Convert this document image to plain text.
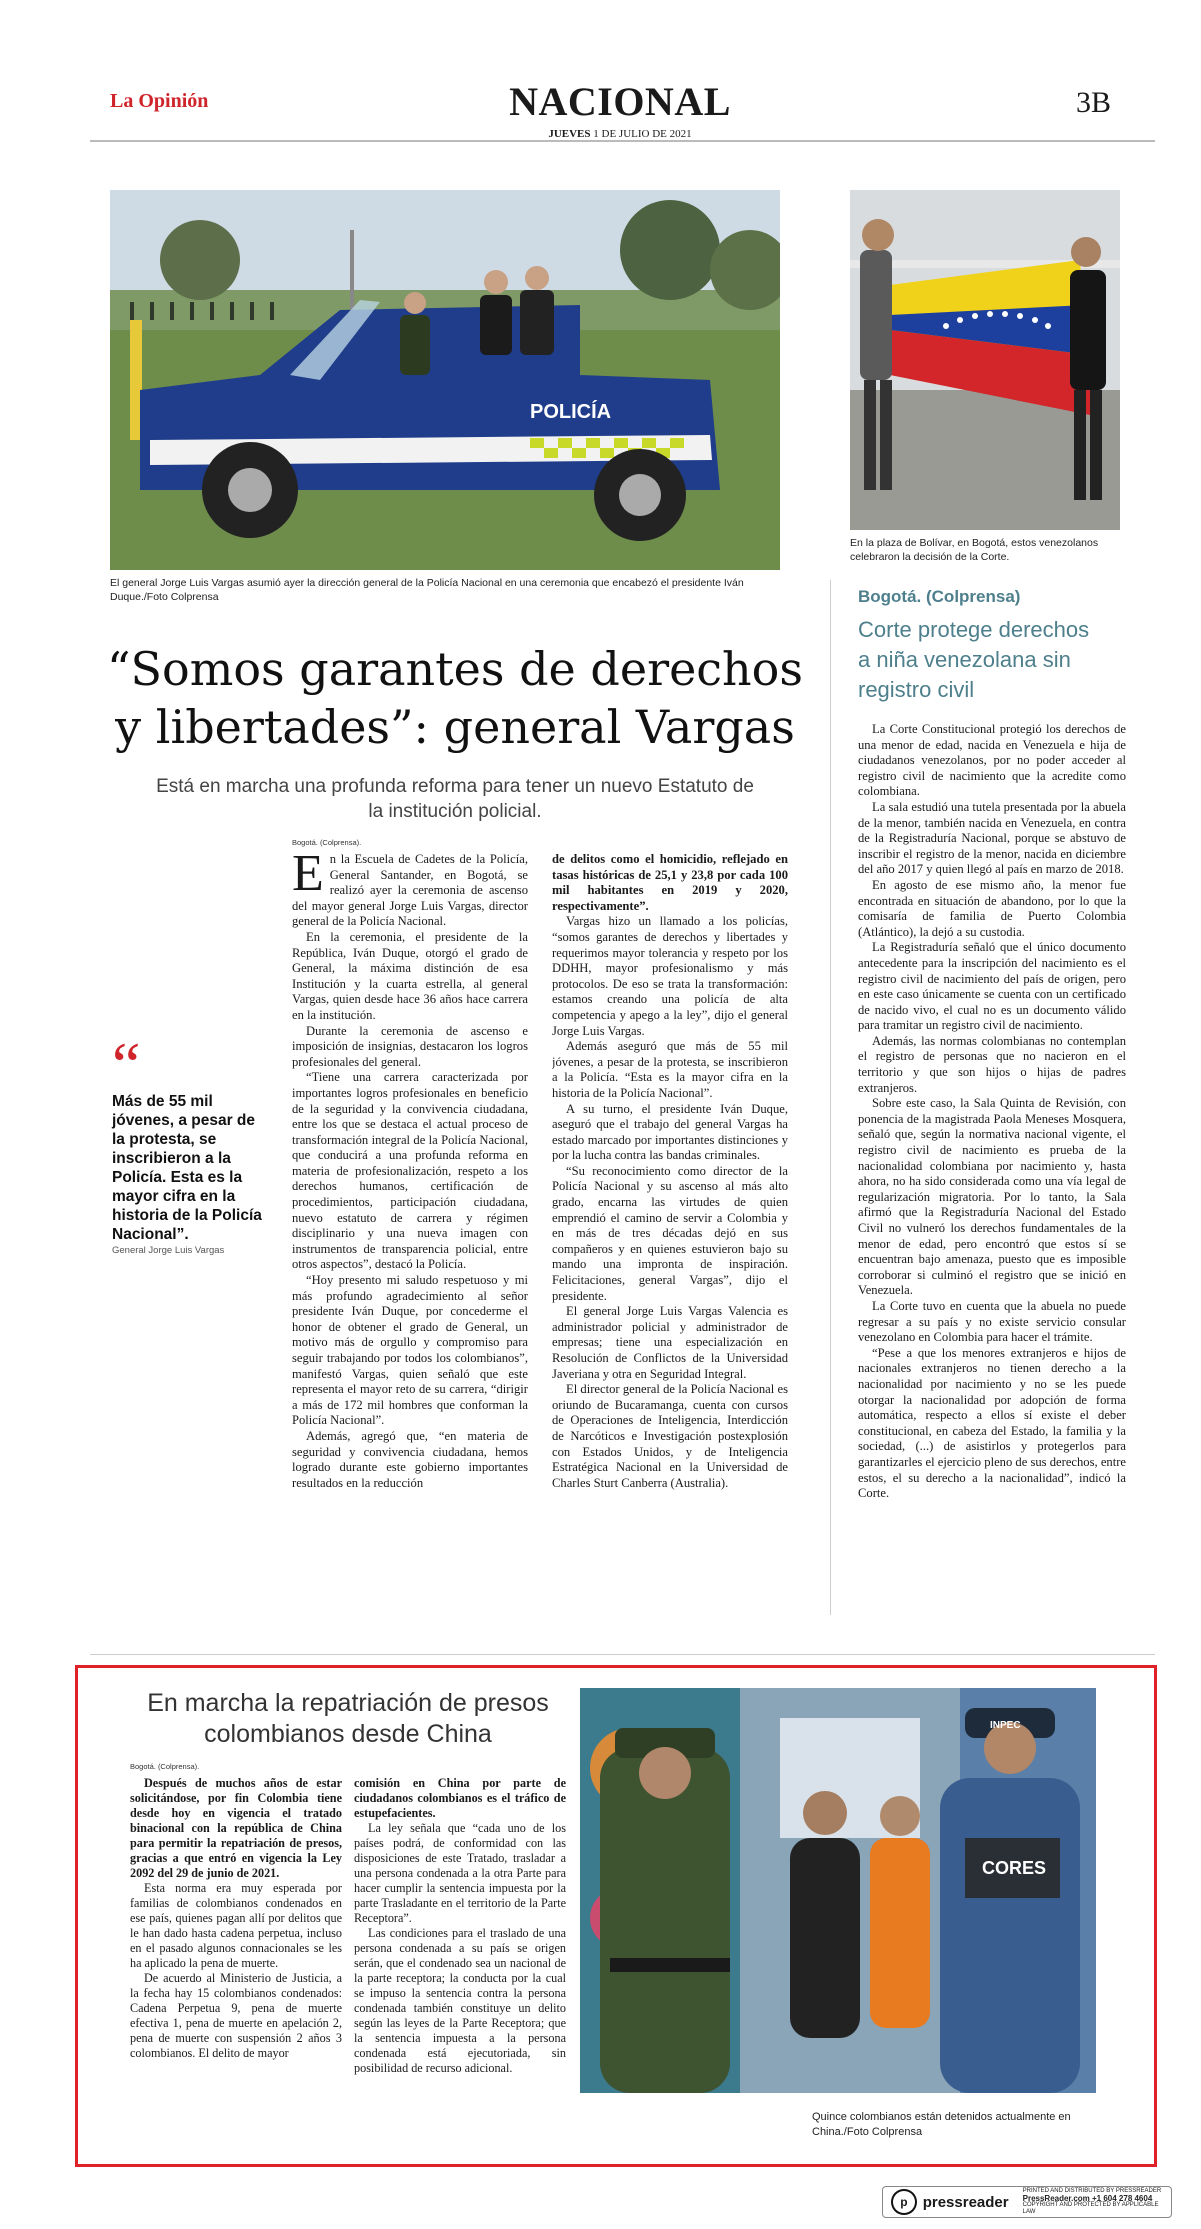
La Opinión	NACIONAL	3B
JUEVES 1 DE JULIO DE 2021
POLICÍA
El general Jorge Luis Vargas asumió ayer la dirección general de la Policía Nacional en una ceremonia que encabezó el presidente Iván Duque./Foto Colprensa
En la plaza de Bolívar, en Bogotá, estos venezolanos celebraron la decisión de la Corte.
“Somos garantes de derechos y libertades”: general Vargas
Está en marcha una profunda reforma para tener un nuevo Estatuto de la institución policial.
Bogotá. (Colprensa).
“
Más de 55 mil jóvenes, a pesar de la protesta, se inscribieron a la Policía. Esta es la mayor cifra en la historia de la Policía Nacional”.
General Jorge Luis Vargas
E n la Escuela de Cadetes de la Policía, General Santander, en Bogotá, se realizó ayer la ceremonia de ascenso del mayor general Jorge Luis Vargas, director general de la Policía Nacional.

En la ceremonia, el presidente de la República, Iván Duque, otorgó el grado de General, la máxima distinción de esa Institución y la cuarta estrella, al general Vargas, quien desde hace 36 años hace carrera en la institución.

Durante la ceremonia de ascenso e imposición de insignias, destacaron los logros profesionales del general.

“Tiene una carrera caracterizada por importantes logros profesionales en beneficio de la seguridad y la convivencia ciudadana, entre los que se destaca el actual proceso de transformación integral de la Policía Nacional, que conducirá a una profunda reforma en materia de profesionalización, respeto a los derechos humanos, certificación de procedimientos, participación ciudadana, nuevo estatuto de carrera y régimen disciplinario y una nueva imagen con instrumentos de transparencia policial, entre otros aspectos”, destacó la Policía.

“Hoy presento mi saludo respetuoso y mi más profundo agradecimiento al señor presidente Iván Duque, por concederme el honor de obtener el grado de General, un motivo más de orgullo y compromiso para seguir trabajando por todos los colombianos”, manifestó Vargas, quien señaló que este representa el mayor reto de su carrera, “dirigir a más de 172 mil hombres que conforman la Policía Nacional”.

Además, agregó que, “en materia de seguridad y convivencia ciudadana, hemos logrado durante este gobierno importantes resultados en la reducción

de delitos como el homicidio, reflejado en tasas históricas de 25,1 y 23,8 por cada 100 mil habitantes en 2019 y 2020, respectivamente”.

Vargas hizo un llamado a los policías, “somos garantes de derechos y libertades y requerimos mayor tolerancia y respeto por los DDHH, mayor profesionalismo y más protocolos. De eso se trata la transformación: estamos creando una policía de alta competencia y apego a la ley”, dijo el general Jorge Luis Vargas.

Además aseguró que más de 55 mil jóvenes, a pesar de la protesta, se inscribieron a la Policía. “Esta es la mayor cifra en la historia de la Policía Nacional”.

A su turno, el presidente Iván Duque, aseguró que el trabajo del general Vargas ha estado marcado por importantes distinciones y por la lucha contra las bandas criminales.

“Su reconocimiento como director de la Policía Nacional y su ascenso al más alto grado, encarna las virtudes de quien emprendió el camino de servir a Colombia y en más de tres décadas dejó en sus compañeros y en quienes estuvieron bajo su mando una impronta de inspiración. Felicitaciones, general Vargas”, dijo el presidente.

El general Jorge Luis Vargas Valencia es administrador policial y administrador de empresas; tiene una especialización en Resolución de Conflictos de la Universidad Javeriana y otra en Seguridad Integral.

El director general de la Policía Nacional es oriundo de Bucaramanga, cuenta con cursos de Operaciones de Inteligencia, Interdicción de Narcóticos e Investigación postexplosión con Estados Unidos, y de Inteligencia Estratégica Nacional en la Universidad de Charles Sturt Canberra (Australia).

Bogotá. (Colprensa)
Corte protege derechos a niña venezolana sin registro civil

La Corte Constitucional protegió los derechos de una menor de edad, nacida en Venezuela e hija de ciudadanos venezolanos, por no poder acceder al registro civil de nacimiento que la acredite como colombiana.

La sala estudió una tutela presentada por la abuela de la menor, también nacida en Venezuela, en contra de la Registraduría Nacional, porque se abstuvo de inscribir el registro de la menor, nacida en diciembre del año 2017 y quien llegó al país en marzo de 2018.

En agosto de ese mismo año, la menor fue encontrada en situación de abandono, por lo que la comisaría de familia de Puerto Colombia (Atlántico), la dejó a su custodia.

La Registraduría señaló que el único documento antecedente para la inscripción del nacimiento es el registro civil de nacimiento del país de origen, pero en este caso únicamente se cuenta con un certificado de nacido vivo, el cual no es un documento válido para tramitar un registro civil de nacimiento.

Además, las normas colombianas no contemplan el registro de personas que no nacieron en el territorio y que son hijos o hijas de padres extranjeros.

Sobre este caso, la Sala Quinta de Revisión, con ponencia de la magistrada Paola Meneses Mosquera, señaló que, según la normativa nacional vigente, el registro civil de nacimiento es prueba de la nacionalidad colombiana por nacimiento y, hasta ahora, no ha sido considerada como una vía legal de regularización migratoria. Por lo tanto, la Sala afirmó que la Registraduría Nacional del Estado Civil no vulneró los derechos fundamentales de la menor de edad, pero encontró que estos sí se encuentran bajo amenaza, puesto que es imposible corroborar si culminó el registro que se inició en Venezuela.

La Corte tuvo en cuenta que la abuela no puede regresar a su país y no existe servicio consular venezolano en Colombia para hacer el trámite.

“Pese a que los menores extranjeros e hijos de nacionales extranjeros no tienen derecho a la nacionalidad por nacimiento y no se les puede otorgar la nacionalidad por adopción de forma automática, respecto a ellos sí existe el deber constitucional, en cabeza del Estado, la familia y la sociedad, (...) de asistirlos y protegerlos para garantizarles el ejercicio pleno de sus derechos, entre estos, el su derecho a la nacionalidad”, indicó la Corte.

En marcha la repatriación de presos colombianos desde China
Bogotá. (Colprensa).

Después de muchos años de estar solicitándose, por fin Colombia tiene desde hoy en vigencia el tratado binacional con la república de China para permitir la repatriación de presos, gracias a que entró en vigencia la Ley 2092 del 29 de junio de 2021.

Esta norma era muy esperada por familias de colombianos condenados en ese país, quienes pagan allí por delitos que le han dado hasta cadena perpetua, incluso en el pasado algunos connacionales se les ha aplicado la pena de muerte.

De acuerdo al Ministerio de Justicia, a la fecha hay 15 colombianos condenados: Cadena Perpetua 9, pena de muerte efectiva 1, pena de muerte en apelación 2, pena de muerte con suspensión 2 años 3 colombianos. El delito de mayor

comisión en China por parte de ciudadanos colombianos es el tráfico de estupefacientes.

La ley señala que “cada uno de los países podrá, de conformidad con las disposiciones de este Tratado, trasladar a una persona condenada a la otra Parte para hacer cumplir la sentencia impuesta por la parte Trasladante en el territorio de la Parte Receptora”.

Las condiciones para el traslado de una persona condenada a su país se origen serán, que el condenado sea un nacional de la parte receptora; la conducta por la cual se impuso la sentencia contra la persona condenada también constituye un delito según las leyes de la Parte Receptora; que la sentencia impuesta a la persona condenada está ejecutoriada, sin posibilidad de recurso adicional.

CORES
INPEC
Quince colombianos están detenidos actualmente en China./Foto Colprensa
p	pressreader
PRINTED AND DISTRIBUTED BY PRESSREADER
PressReader.com +1 604 278 4604
COPYRIGHT AND PROTECTED BY APPLICABLE LAW
